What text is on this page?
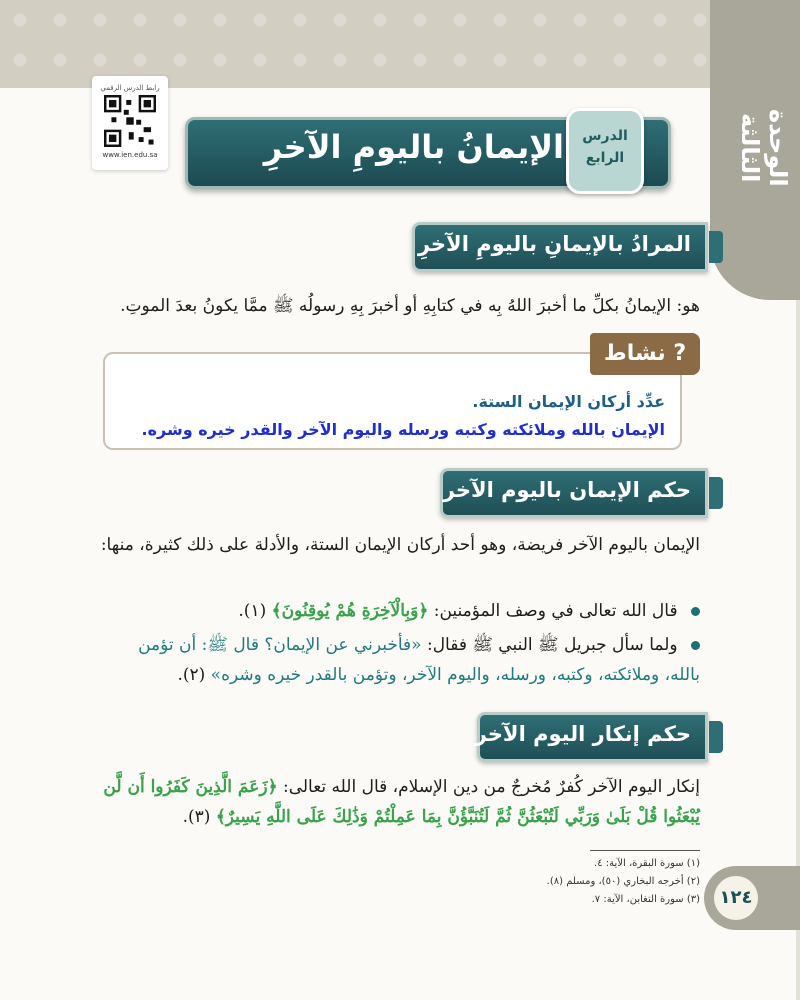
الوحدة الثالثة
رابط الدرس الرقمي
www.ien.edu.sa	الإيمانُ باليومِ الآخرِ	الدرس
الرابع
المرادُ بالإيمانِ باليومِ الآخرِ

هو: الإيمانُ بكلِّ ما أخبرَ اللهُ بِه في كتابِهِ أو أخبرَ بِهِ رسولُه ﷺ ممَّا يكونُ بعدَ الموتِ.

? نشاط
عدِّد أركان الإيمان الستة.
الإيمان بالله وملائكته وكتبه ورسله واليوم الآخر والقدر خيره وشره.
حكم الإيمان باليوم الآخر

الإيمان باليوم الآخر فريضة، وهو أحد أركان الإيمان الستة، والأدلة على ذلك كثيرة، منها:

قال الله تعالى في وصف المؤمنين: ﴿وَبِالْآخِرَةِ هُمْ يُوقِنُونَ﴾ (١).

ولما سأل جبريل ﷺ النبي ﷺ فقال: «فأخبرني عن الإيمان؟ قال ﷺ: أن تؤمن بالله، وملائكته، وكتبه، ورسله، واليوم الآخر، وتؤمن بالقدر خيره وشره» (٢).

حكم إنكار اليوم الآخر

إنكار اليوم الآخر كُفرٌ مُخرجٌ من دين الإسلام، قال الله تعالى: ﴿زَعَمَ الَّذِينَ كَفَرُوا أَن لَّن يُبْعَثُوا قُلْ بَلَىٰ وَرَبِّي لَتُبْعَثُنَّ ثُمَّ لَتُنَبَّؤُنَّ بِمَا عَمِلْتُمْ وَذَٰلِكَ عَلَى اللَّهِ يَسِيرٌ﴾ (٣).

(١) سورة البقرة، الآية: ٤.
(٢) أخرجه البخاري (٥٠)، ومسلم (٨).
(٣) سورة التغابن، الآية: ٧.	١٢٤
